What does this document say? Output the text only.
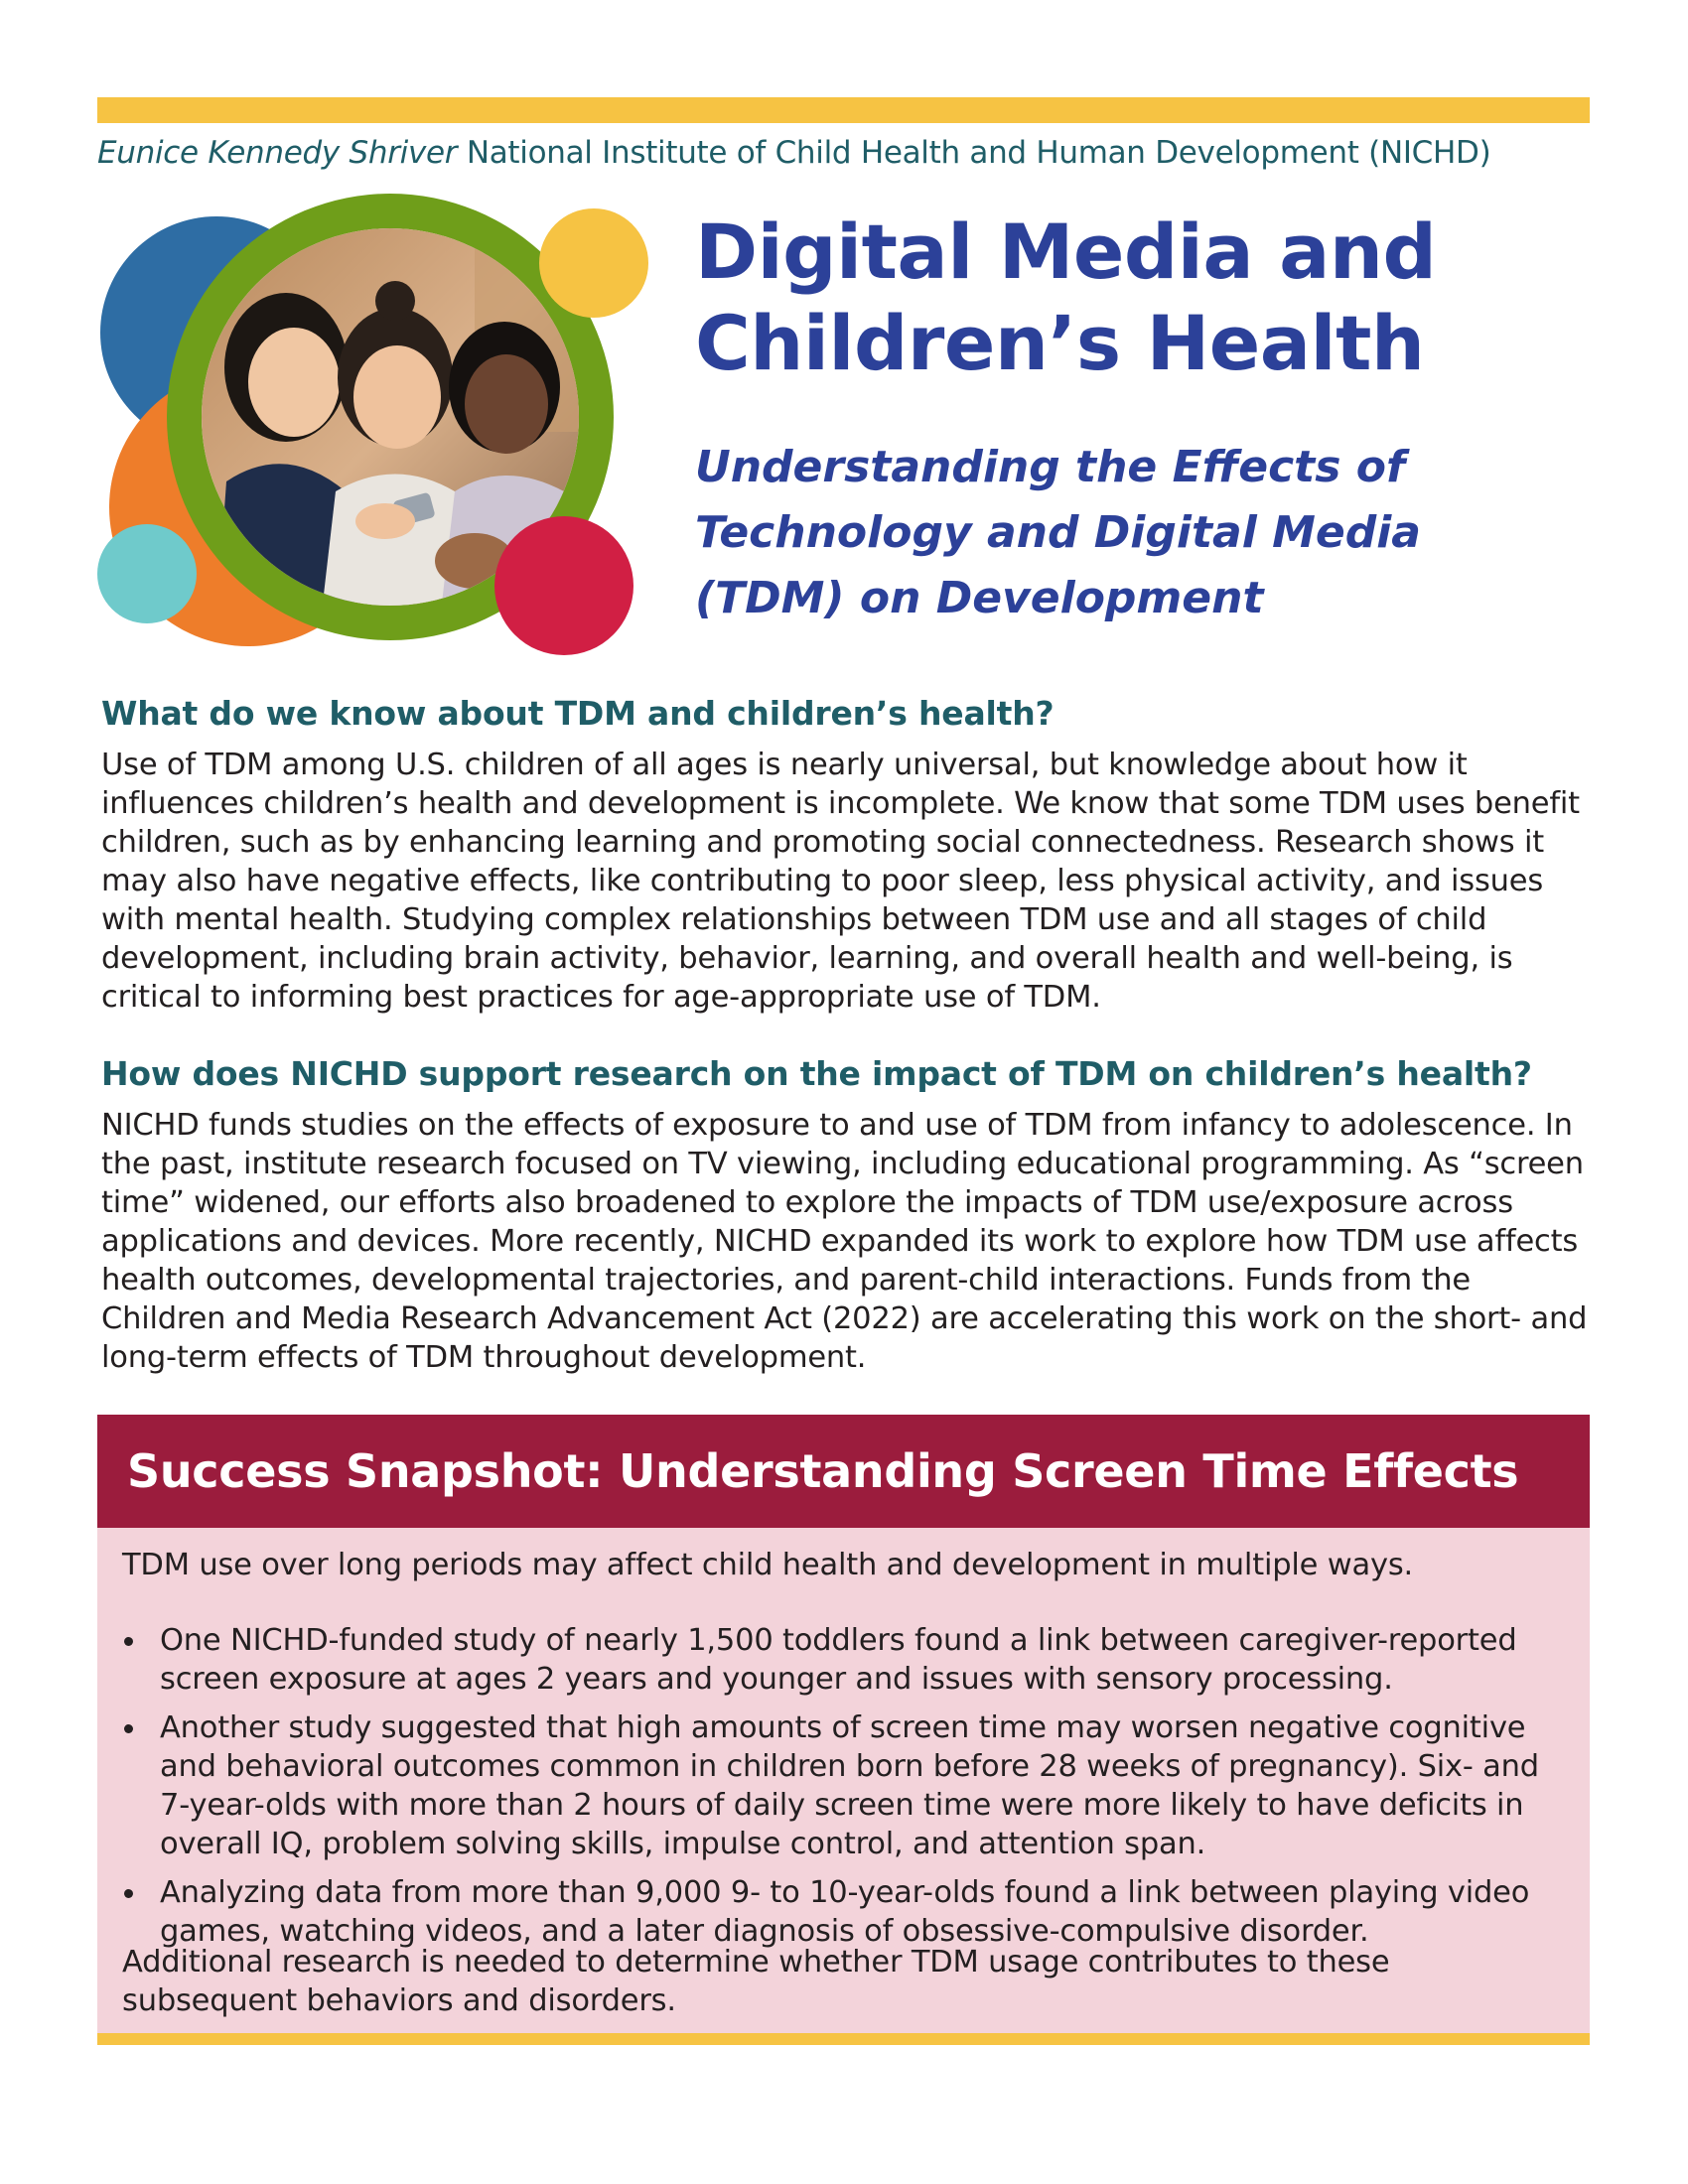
Eunice Kennedy Shriver National Institute of Child Health and Human Development (NICHD)
Digital Media and
Children’s Health
Understanding the Effects of
Technology and Digital Media
(TDM) on Development
What do we know about TDM and children’s health?

Use of TDM among U.S. children of all ages is nearly universal, but knowledge about how it influences children’s health and development is incomplete. We know that some TDM uses benefit children, such as by enhancing learning and promoting social connectedness. Research shows it may also have negative effects, like contributing to poor sleep, less physical activity, and issues with mental health. Studying complex relationships between TDM use and all stages of child development, including brain activity, behavior, learning, and overall health and well-being, is critical to informing best practices for age-appropriate use of TDM.

How does NICHD support research on the impact of TDM on children’s health?

NICHD funds studies on the effects of exposure to and use of TDM from infancy to adolescence. In the past, institute research focused on TV viewing, including educational programming. As “screen time” widened, our efforts also broadened to explore the impacts of TDM use/exposure across applications and devices. More recently, NICHD expanded its work to explore how TDM use affects health outcomes, developmental trajectories, and parent-child interactions. Funds from the Children and Media Research Advancement Act (2022) are accelerating this work on the short- and long-term effects of TDM throughout development.

Success Snapshot: Understanding Screen Time Effects

TDM use over long periods may affect child health and development in multiple ways.

One NICHD-funded study of nearly 1,500 toddlers found a link between caregiver-reported screen exposure at ages 2 years and younger and issues with sensory processing.
Another study suggested that high amounts of screen time may worsen negative cognitive and behavioral outcomes common in children born before 28 weeks of pregnancy). Six- and 7-year-olds with more than 2 hours of daily screen time were more likely to have deficits in overall IQ, problem solving skills, impulse control, and attention span.
Analyzing data from more than 9,000 9- to 10-year-olds found a link between playing video games, watching videos, and a later diagnosis of obsessive-compulsive disorder.

Additional research is needed to determine whether TDM usage contributes to these subsequent behaviors and disorders.
